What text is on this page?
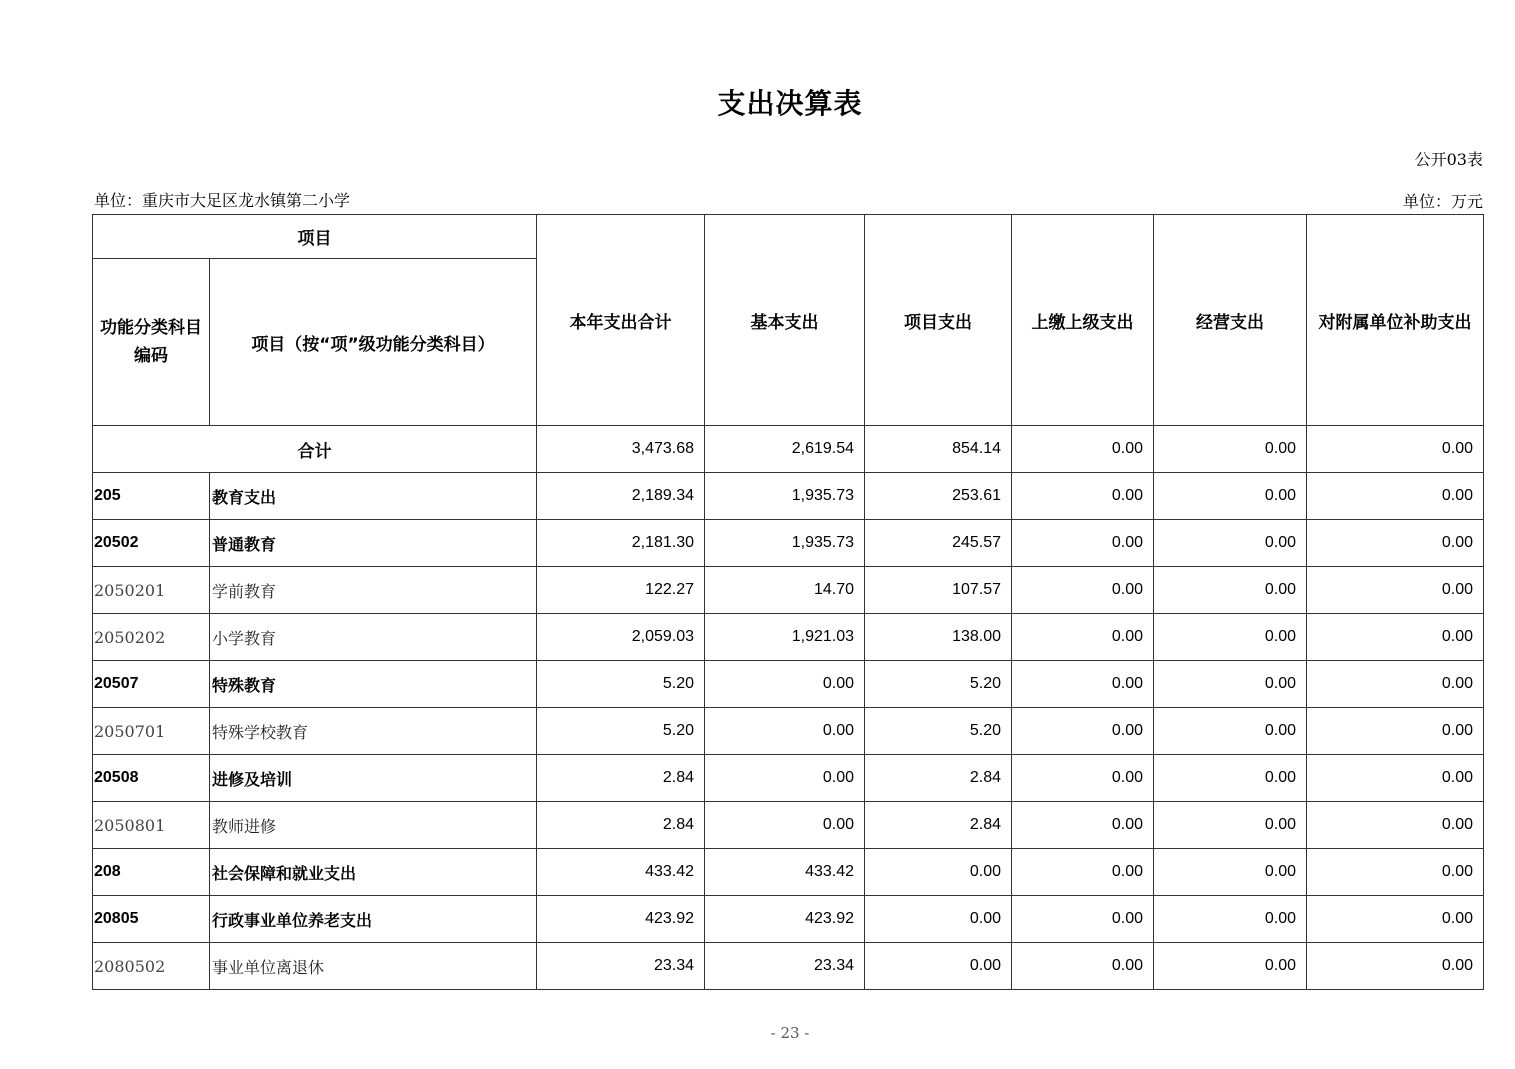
支出决算表
公开03表
单位：重庆市大足区龙水镇第二小学	单位：万元
项目		本年支出合计	基本支出	项目支出	上缴上级支出	经营支出	对附属单位补助支出
功能分类科目编码	项目（按“项”级功能分类科目）						
合计		3,473.68	2,619.54	854.14	0.00	0.00	0.00
205	教育支出	2,189.34	1,935.73	253.61	0.00	0.00	0.00
20502	普通教育	2,181.30	1,935.73	245.57	0.00	0.00	0.00
2050201	学前教育	122.27	14.70	107.57	0.00	0.00	0.00
2050202	小学教育	2,059.03	1,921.03	138.00	0.00	0.00	0.00
20507	特殊教育	5.20	0.00	5.20	0.00	0.00	0.00
2050701	特殊学校教育	5.20	0.00	5.20	0.00	0.00	0.00
20508	进修及培训	2.84	0.00	2.84	0.00	0.00	0.00
2050801	教师进修	2.84	0.00	2.84	0.00	0.00	0.00
208	社会保障和就业支出	433.42	433.42	0.00	0.00	0.00	0.00
20805	行政事业单位养老支出	423.92	423.92	0.00	0.00	0.00	0.00
2080502	事业单位离退休	23.34	23.34	0.00	0.00	0.00	0.00
- 23 -
